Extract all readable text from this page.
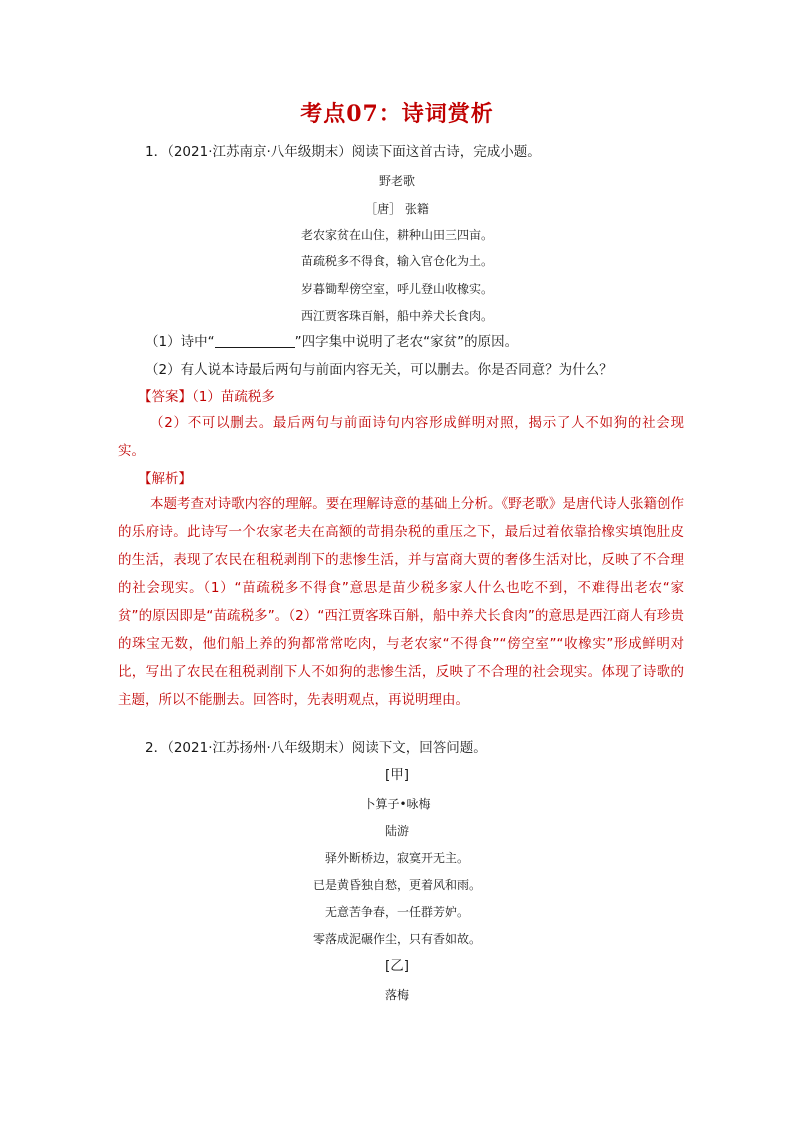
考点07：诗词赏析
1．（2021·江苏南京·八年级期末）阅读下面这首古诗，完成小题。
野老歌
［唐］ 张籍
老农家贫在山住，耕种山田三四亩。
苗疏税多不得食，输入官仓化为土。
岁暮锄犁傍空室，呼儿登山收橡实。
西江贾客珠百斛，船中养犬长食肉。
（1）诗中“	”四字集中说明了老农“家贫”的原因。
（2）有人说本诗最后两句与前面内容无关，可以删去。你是否同意？为什么？
【答案】（1）苗疏税多
（2）不可以删去。最后两句与前面诗句内容形成鲜明对照，揭示了人不如狗的社会现实。
【解析】
本题考查对诗歌内容的理解。要在理解诗意的基础上分析。《野老歌》是唐代诗人张籍创作的乐府诗。此诗写一个农家老夫在高额的苛捐杂税的重压之下，最后过着依靠拾橡实填饱肚皮的生活，表现了农民在租税剥削下的悲惨生活，并与富商大贾的奢侈生活对比，反映了不合理的社会现实。（1）“苗疏税多不得食”意思是苗少税多家人什么也吃不到，不难得出老农“家贫”的原因即是“苗疏税多”。（2）“西江贾客珠百斛，船中养犬长食肉”的意思是西江商人有珍贵的珠宝无数，他们船上养的狗都常常吃肉，与老农家“不得食”“傍空室”“收橡实”形成鲜明对比，写出了农民在租税剥削下人不如狗的悲惨生活，反映了不合理的社会现实。体现了诗歌的主题，所以不能删去。回答时，先表明观点，再说明理由。
2．（2021·江苏扬州·八年级期末）阅读下文，回答问题。
[甲]
卜算子•咏梅
陆游
驿外断桥边，寂寞开无主。
已是黄昏独自愁，更着风和雨。
无意苦争春，一任群芳妒。
零落成泥碾作尘，只有香如故。
[乙]
落梅
